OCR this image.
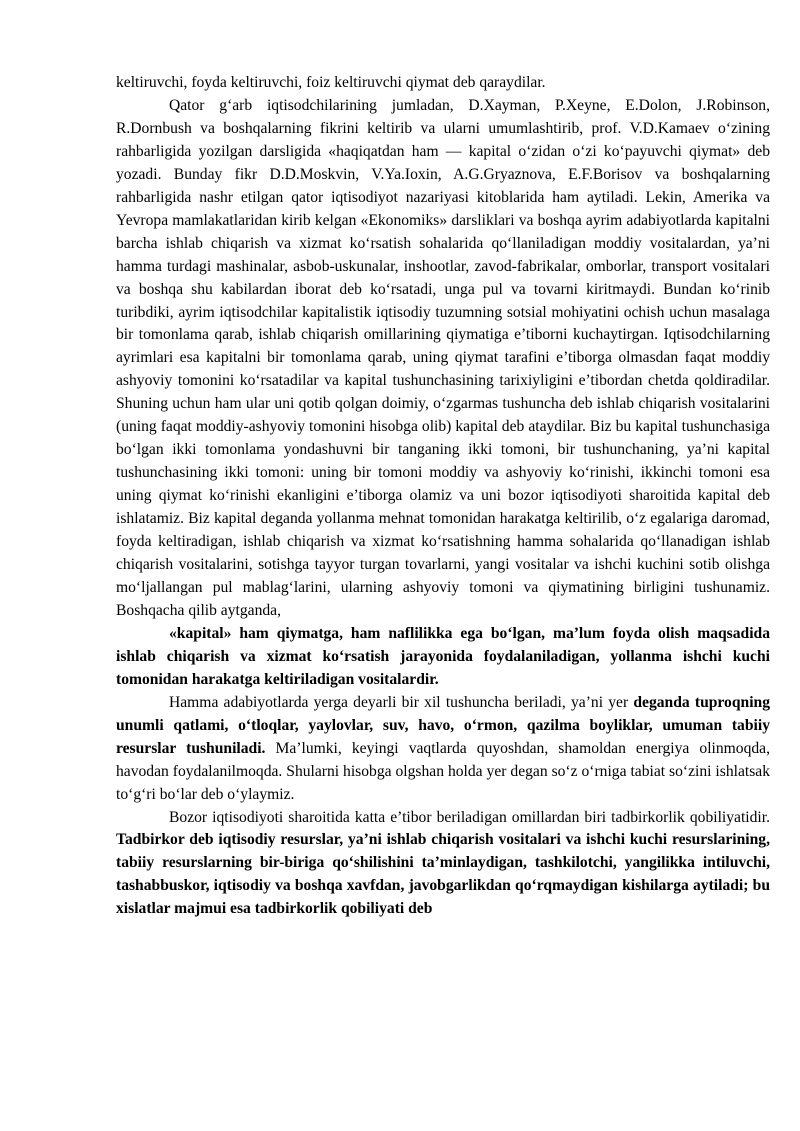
keltiruvchi, foyda keltiruvchi, foiz keltiruvchi qiymat deb qaraydilar.

Qator g‘arb iqtisodchilarining jumladan, D.Xayman, P.Xeyne, E.Dolon, J.Robinson, R.Dornbush va boshqalarning fikrini keltirib va ularni umumlashtirib, prof. V.D.Kamaev o‘zining rahbarligida yozilgan darsligida «haqiqatdan ham — kapital o‘zidan o‘zi ko‘payuvchi qiymat» deb yozadi. Bunday fikr D.D.Moskvin, V.Ya.Ioxin, A.G.Gryaznova, E.F.Borisov va boshqalarning rahbarligida nashr etilgan qator iqtisodiyot nazariyasi kitoblarida ham aytiladi. Lekin, Amerika va Yevropa mamlakatlaridan kirib kelgan «Ekonomiks» darsliklari va boshqa ayrim adabiyotlarda kapitalni barcha ishlab chiqarish va xizmat ko‘rsatish sohalarida qo‘llaniladigan moddiy vositalardan, ya’ni hamma turdagi mashinalar, asbob-uskunalar, inshootlar, zavod-fabrikalar, omborlar, transport vositalari va boshqa shu kabilardan iborat deb ko‘rsatadi, unga pul va tovarni kiritmaydi. Bundan ko‘rinib turibdiki, ayrim iqtisodchilar kapitalistik iqtisodiy tuzumning sotsial mohiyatini ochish uchun masalaga bir tomonlama qarab, ishlab chiqarish omillarining qiymatiga e’tiborni kuchaytirgan. Iqtisodchilarning ayrimlari esa kapitalni bir tomonlama qarab, uning qiymat tarafini e’tiborga olmasdan faqat moddiy ashyoviy tomonini ko‘rsatadilar va kapital tushunchasining tarixiyligini e’tibordan chetda qoldiradilar. Shuning uchun ham ular uni qotib qolgan doimiy, o‘zgarmas tushuncha deb ishlab chiqarish vositalarini (uning faqat moddiy-ashyoviy tomonini hisobga olib) kapital deb ataydilar. Biz bu kapital tushunchasiga bo‘lgan ikki tomonlama yondashuvni bir tanganing ikki tomoni, bir tushunchaning, ya’ni kapital tushunchasining ikki tomoni: uning bir tomoni moddiy va ashyoviy ko‘rinishi, ikkinchi tomoni esa uning qiymat ko‘rinishi ekanligini e’tiborga olamiz va uni bozor iqtisodiyoti sharoitida kapital deb ishlatamiz. Biz kapital deganda yollanma mehnat tomonidan harakatga keltirilib, o‘z egalariga daromad, foyda keltiradigan, ishlab chiqarish va xizmat ko‘rsatishning hamma sohalarida qo‘llanadigan ishlab chiqarish vositalarini, sotishga tayyor turgan tovarlarni, yangi vositalar va ishchi kuchini sotib olishga mo‘ljallangan pul mablag‘larini, ularning ashyoviy tomoni va qiymatining birligini tushunamiz. Boshqacha qilib aytganda,

«kapital» ham qiymatga, ham naflilikka ega bo‘lgan, ma’lum foyda olish maqsadida ishlab chiqarish va xizmat ko‘rsatish jarayonida foydalaniladigan, yollanma ishchi kuchi tomonidan harakatga keltiriladigan vositalardir.

Hamma adabiyotlarda yerga deyarli bir xil tushuncha beriladi, ya’ni yer deganda tuproqning unumli qatlami, o‘tloqlar, yaylovlar, suv, havo, o‘rmon, qazilma boyliklar, umuman tabiiy resurslar tushuniladi. Ma’lumki, keyingi vaqtlarda quyoshdan, shamoldan energiya olinmoqda, havodan foydalanilmoqda. Shularni hisobga olgshan holda yer degan so‘z o‘rniga tabiat so‘zini ishlatsak to‘g‘ri bo‘lar deb o‘ylaymiz.

Bozor iqtisodiyoti sharoitida katta e’tibor beriladigan omillardan biri tadbirkorlik qobiliyatidir. Tadbirkor deb iqtisodiy resurslar, ya’ni ishlab chiqarish vositalari va ishchi kuchi resurslarining, tabiiy resurslarning bir-biriga qo‘shilishini ta’minlaydigan, tashkilotchi, yangilikka intiluvchi, tashabbuskor, iqtisodiy va boshqa xavfdan, javobgarlikdan qo‘rqmaydigan kishilarga aytiladi; bu xislatlar majmui esa tadbirkorlik qobiliyati deb
